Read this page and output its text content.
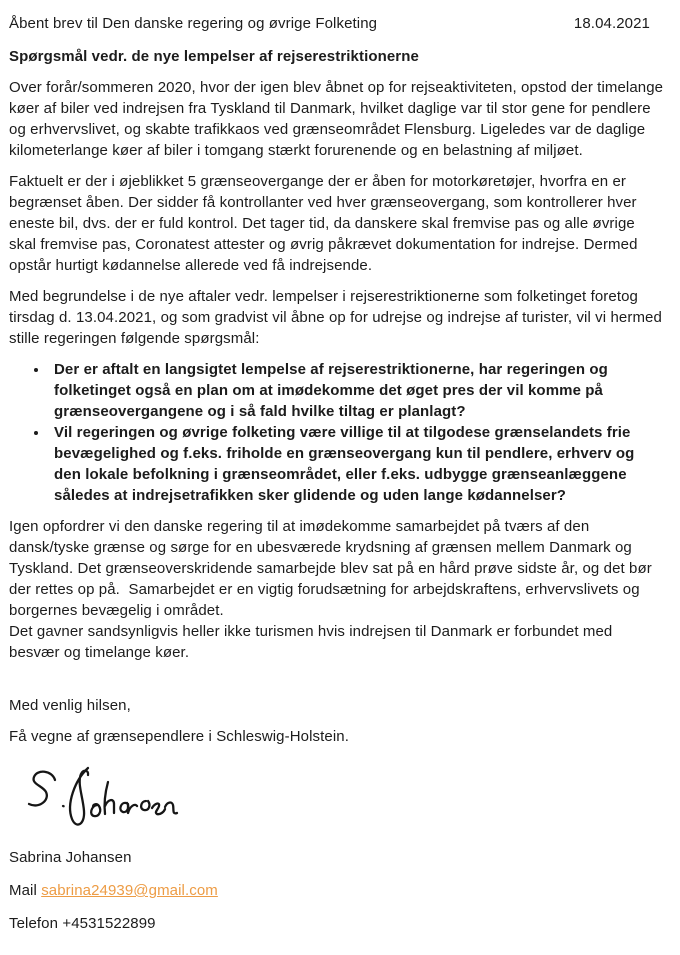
Åbent brev til Den danske regering og øvrige Folketing	18.04.2021
Spørgsmål vedr. de nye lempelser af rejserestriktionerne

Over forår/sommeren 2020, hvor der igen blev åbnet op for rejseaktiviteten, opstod der timelange køer af biler ved indrejsen fra Tyskland til Danmark, hvilket daglige var til stor gene for pendlere og erhvervslivet, og skabte trafikkaos ved grænseområdet Flensburg. Ligeledes var de daglige kilometerlange køer af biler i tomgang stærkt forurenende og en belastning af miljøet.

Faktuelt er der i øjeblikket 5 grænseovergange der er åben for motorkøretøjer, hvorfra en er begrænset åben. Der sidder få kontrollanter ved hver grænseovergang, som kontrollerer hver eneste bil, dvs. der er fuld kontrol. Det tager tid, da danskere skal fremvise pas og alle øvrige skal fremvise pas, Coronatest attester og øvrig påkrævet dokumentation for indrejse. Dermed opstår hurtigt kødannelse allerede ved få indrejsende.

Med begrundelse i de nye aftaler vedr. lempelser i rejserestriktionerne som folketinget foretog tirsdag d. 13.04.2021, og som gradvist vil åbne op for udrejse og indrejse af turister, vil vi hermed stille regeringen følgende spørgsmål:

• Der er aftalt en langsigtet lempelse af rejserestriktionerne, har regeringen og folketinget også en plan om at imødekomme det øget pres der vil komme på grænseovergangene og i så fald hvilke tiltag er planlagt?
• Vil regeringen og øvrige folketing være villige til at tilgodese grænselandets frie bevægelighed og f.eks. friholde en grænseovergang kun til pendlere, erhverv og den lokale befolkning i grænseområdet, eller f.eks. udbygge grænseanlæggene således at indrejsetrafikken sker glidende og uden lange kødannelser?

Igen opfordrer vi den danske regering til at imødekomme samarbejdet på tværs af den dansk/tyske grænse og sørge for en ubesværede krydsning af grænsen mellem Danmark og Tyskland. Det grænseoverskridende samarbejde blev sat på en hård prøve sidste år, og det bør der rettes op på.  Samarbejdet er en vigtig forudsætning for arbejdskraftens, erhvervslivets og borgernes bevægelig i området.

Det gavner sandsynligvis heller ikke turismen hvis indrejsen til Danmark er forbundet med besvær og timelange køer.

Med venlig hilsen,

Få vegne af grænsependlere i Schleswig-Holstein.

Sabrina Johansen

Mail sabrina24939@gmail.com

Telefon +4531522899
